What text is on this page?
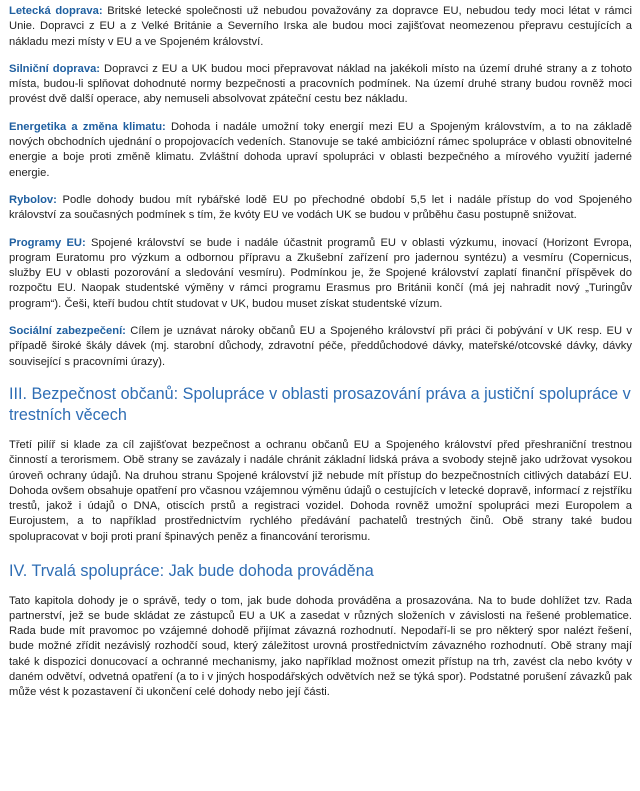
Letecká doprava: Britské letecké společnosti už nebudou považovány za dopravce EU, nebudou tedy moci létat v rámci Unie. Dopravci z EU a z Velké Británie a Severního Irska ale budou moci zajišťovat neomezenou přepravu cestujících a nákladu mezi místy v EU a ve Spojeném království.

Silniční doprava: Dopravci z EU a UK budou moci přepravovat náklad na jakékoli místo na území druhé strany a z tohoto místa, budou-li splňovat dohodnuté normy bezpečnosti a pracovních podmínek. Na území druhé strany budou rovněž moci provést dvě další operace, aby nemuseli absolvovat zpáteční cestu bez nákladu.

Energetika a změna klimatu: Dohoda i nadále umožní toky energií mezi EU a Spojeným královstvím, a to na základě nových obchodních ujednání o propojovacích vedeních. Stanovuje se také ambiciózní rámec spolupráce v oblasti obnovitelné energie a boje proti změně klimatu. Zvláštní dohoda upraví spolupráci v oblasti bezpečného a mírového využití jaderné energie.

Rybolov: Podle dohody budou mít rybářské lodě EU po přechodné období 5,5 let i nadále přístup do vod Spojeného království za současných podmínek s tím, že kvóty EU ve vodách UK se budou v průběhu času postupně snižovat.

Programy EU: Spojené království se bude i nadále účastnit programů EU v oblasti výzkumu, inovací (Horizont Evropa, program Euratomu pro výzkum a odbornou přípravu a Zkušební zařízení pro jadernou syntézu) a vesmíru (Copernicus, služby EU v oblasti pozorování a sledování vesmíru). Podmínkou je, že Spojené království zaplatí finanční příspěvek do rozpočtu EU. Naopak studentské výměny v rámci programu Erasmus pro Británii končí (má jej nahradit nový „Turingův program“). Češi, kteří budou chtít studovat v UK, budou muset získat studentské vízum.

Sociální zabezpečení: Cílem je uznávat nároky občanů EU a Spojeného království při práci či pobývání v UK resp. EU v případě široké škály dávek (mj. starobní důchody, zdravotní péče, předdůchodové dávky, mateřské/otcovské dávky, dávky související s pracovními úrazy).

III. Bezpečnost občanů: Spolupráce v oblasti prosazování práva a justiční spolupráce v trestních věcech

Třetí pilíř si klade za cíl zajišťovat bezpečnost a ochranu občanů EU a Spojeného království před přeshraniční trestnou činností a terorismem. Obě strany se zavázaly i nadále chránit základní lidská práva a svobody stejně jako udržovat vysokou úroveň ochrany údajů. Na druhou stranu Spojené království již nebude mít přístup do bezpečnostních citlivých databází EU. Dohoda ovšem obsahuje opatření pro včasnou vzájemnou výměnu údajů o cestujících v letecké dopravě, informací z rejstříku trestů, jakož i údajů o DNA, otiscích prstů a registraci vozidel. Dohoda rovněž umožní spolupráci mezi Europolem a Eurojustem, a to například prostřednictvím rychlého předávání pachatelů trestných činů. Obě strany také budou spolupracovat v boji proti praní špinavých peněz a financování terorismu.

IV. Trvalá spolupráce: Jak bude dohoda prováděna

Tato kapitola dohody je o správě, tedy o tom, jak bude dohoda prováděna a prosazována. Na to bude dohlížet tzv. Rada partnerství, jež se bude skládat ze zástupců EU a UK a zasedat v různých složeních v závislosti na řešené problematice. Rada bude mít pravomoc po vzájemné dohodě přijímat závazná rozhodnutí. Nepodaří-li se pro některý spor nalézt řešení, bude možné zřídit nezávislý rozhodčí soud, který záležitost urovná prostřednictvím závazného rozhodnutí. Obě strany mají také k dispozici donucovací a ochranné mechanismy, jako například možnost omezit přístup na trh, zavést cla nebo kvóty v daném odvětví, odvetná opatření (a to i v jiných hospodářských odvětvích než se týká spor). Podstatné porušení závazků pak může vést k pozastavení či ukončení celé dohody nebo její části.
